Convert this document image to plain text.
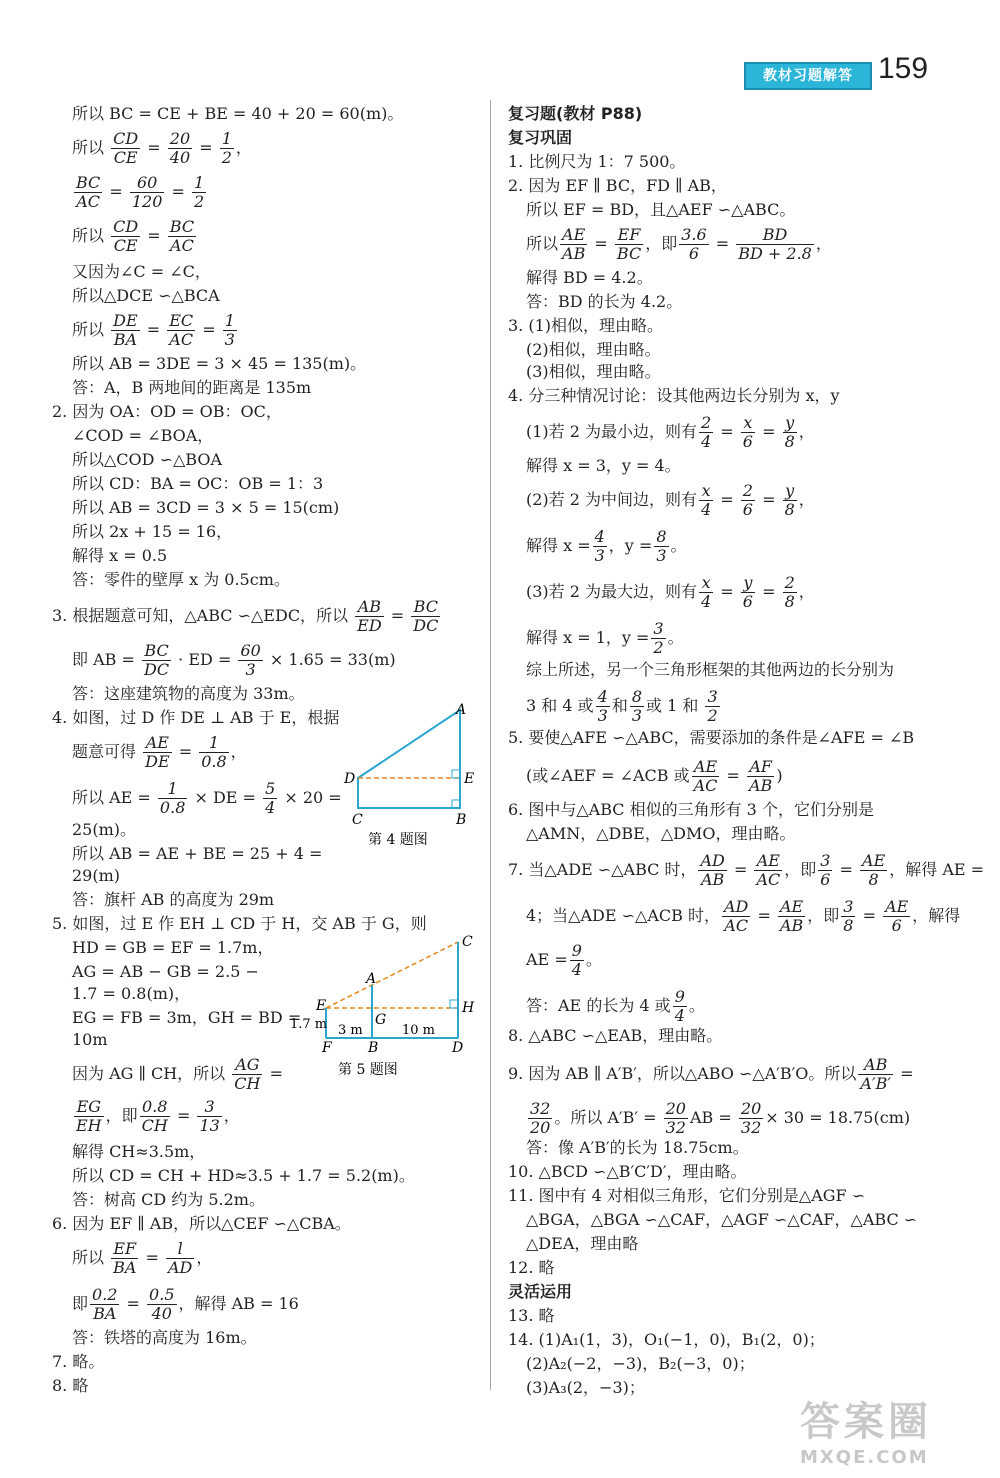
教材习题解答 159
所以 BC = CE + BE = 40 + 20 = 60(m)。
所以 $\frac{CD}{CE} = \frac{20}{40} = \frac{1}{2}$ ，
$\frac{BC}{AC} = \frac{60}{120} = \frac{1}{2}$
所以 $\frac{CD}{CE} = \frac{BC}{AC}$
又因为∠C = ∠C，
所以△DCE ∽△BCA
所以 $\frac{DE}{BA} = \frac{EC}{AC} = \frac{1}{3}$
所以 AB = 3DE = 3 × 45 = 135(m)。
答：A，B 两地间的距离是 135m
2. 因为 OA：OD = OB：OC，
∠COD = ∠BOA，
所以△COD ∽△BOA
所以 CD：BA = OC：OB = 1：3
所以 AB = 3CD = 3 × 5 = 15(cm)
所以 2x + 15 = 16，
解得 x = 0.5
答：零件的壁厚 x 为 0.5cm。
3. 根据题意可知，△ABC ∽△EDC，所以 $\frac{AB}{ED} = \frac{BC}{DC}$
即 AB = $\frac{BC}{DC}$ · ED = $\frac{60}{3} \times 1.65 = 33(m)$
答：这座建筑物的高度为 33m。
4. 如图，过 D 作 DE ⊥ AB 于 E，根据
题意可得 $\frac{AE}{DE} = \frac{1}{0.8}$ ，
所以 AE = $\frac{1}{0.8}$ × DE = $\frac{5}{4} \times 20$ =
25(m)。
所以 AB = AE + BE = 25 + 4 =
29(m)
答：旗杆 AB 的高度为 29m
5. 如图，过 E 作 EH ⊥ CD 于 H，交 AB 于 G，则
HD = GB = EF = 1.7m，
AG = AB − GB = 2.5 −
1.7 = 0.8(m)，
EG = FB = 3m，GH = BD =
10m
因为 AG ∥ CH，所以 $\frac{AG}{CH}$ =
$\frac{EG}{EH}$ ，即 $\frac{0.8}{CH} = \frac{3}{13}$ ，
解得 CH≈3.5m，
所以 CD = CH + HD≈3.5 + 1.7 = 5.2(m)。
答：树高 CD 约为 5.2m。
6. 因为 EF ∥ AB，所以△CEF ∽△CBA。
所以 $\frac{EF}{BA} = \frac{l}{AD}$ ，
即 $\frac{0.2}{BA} = \frac{0.5}{40}$ ，解得 AB = 16
答：铁塔的高度为 16m。
7. 略。
8. 略
A
D	E
C	B
第 4 题图
C
A
E	H
G
1.7 m 3 m	10 m
F	B	D
第 5 题图
复习题(教材 P88)
复习巩固
1. 比例尺为 1：7 500。
2. 因为 EF ∥ BC，FD ∥ AB，
所以 EF = BD，且△AEF ∽△ABC。
所以 $\frac{AE}{AB} = \frac{EF}{BC}$ ，即 $\frac{3.6}{6} = \frac{BD}{BD + 2.8}$ ，
解得 BD = 4.2。
答：BD 的长为 4.2。
3. (1)相似，理由略。
(2)相似，理由略。
(3)相似，理由略。
4. 分三种情况讨论：设其他两边长分别为 x，y
(1)若 2 为最小边，则有 $\frac{2}{4} = \frac{x}{6} = \frac{y}{8}$ ，
解得 x = 3，y = 4。
(2)若 2 为中间边，则有 $\frac{x}{4} = \frac{2}{6} = \frac{y}{8}$ ，
解得 $x = \frac{4}{3}$ ，$y = \frac{8}{3}$ 。
(3)若 2 为最大边，则有 $\frac{x}{4} = \frac{y}{6} = \frac{2}{8}$ ，
解得 x = 1，$y = \frac{3}{2}$ 。
综上所述，另一个三角形框架的其他两边的长分别为
3 和 4 或 $\frac{4}{3}$ 和 $\frac{8}{3}$ 或 1 和 $\frac{3}{2}$
5. 要使△AFE ∽△ABC，需要添加的条件是∠AFE = ∠B
(或∠AEF = ∠ACB 或 $\frac{AE}{AC} = \frac{AF}{AB}$ )
6. 图中与△ABC 相似的三角形有 3 个，它们分别是
△AMN，△DBE，△DMO，理由略。
7. 当△ADE ∽△ABC 时， $\frac{AD}{AB} = \frac{AE}{AC}$ ，即 $\frac{3}{6} = \frac{AE}{8}$ ，解得 AE =
4；当△ADE ∽△ACB 时， $\frac{AD}{AC} = \frac{AE}{AB}$ ，即 $\frac{3}{8} = \frac{AE}{6}$ ，解得
AE = $\frac{9}{4}$ 。
答：AE 的长为 4 或 $\frac{9}{4}$ 。
8. △ABC ∽△EAB，理由略。
9. 因为 AB ∥ A′B′，所以△ABO ∽△A′B′O。所以 $\frac{AB}{A'B'}$ =
$\frac{32}{20}$ 。所以 $A'B' = \frac{20}{32}$ AB = $\frac{20}{32} \times 30 = 18.75(cm)$
答：像 A′B′的长为 18.75cm。
10. △BCD ∽△B′C′D′，理由略。
11. 图中有 4 对相似三角形，它们分别是△AGF ∽
△BGA，△BGA ∽△CAF，△AGF ∽△CAF，△ABC ∽
△DEA，理由略
12. 略
灵活运用
13. 略
14. (1)A₁(1，3)，O₁(−1，0)，B₁(2，0)；
(2)A₂(−2，−3)，B₂(−3，0)；
(3)A₃(2，−3)；
答案圈
MXQE.COM
